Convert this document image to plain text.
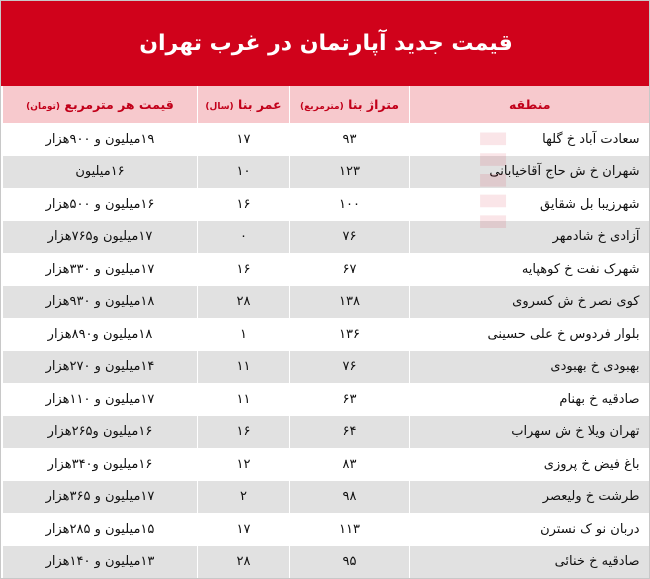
قیمت جدید آپارتمان در غرب تهران
منطقه	متراژ بنا (مترمربع)	عمر بنا (سال)	قیمت هر مترمربع (تومان)
سعادت آباد خ گلها	۹۳	۱۷	۱۹میلیون و ۹۰۰هزار
شهران خ ش حاج آقاخیابانی	۱۲۳	۱۰	۱۶میلیون
شهرزیبا بل شقایق	۱۰۰	۱۶	۱۶میلیون و ۵۰۰هزار
آزادی خ شادمهر	۷۶	۰	۱۷میلیون و۷۶۵هزار
شهرک نفت خ کوهپایه	۶۷	۱۶	۱۷میلیون و ۳۳۰هزار
کوی نصر خ ش کسروی	۱۳۸	۲۸	۱۸میلیون و ۹۳۰هزار
بلوار فردوس خ علی حسینی	۱۳۶	۱	۱۸میلیون و۸۹۰هزار
بهبودی خ بهبودی	۷۶	۱۱	۱۴میلیون و ۲۷۰هزار
صادقیه خ بهنام	۶۳	۱۱	۱۷میلیون و ۱۱۰هزار
تهران ویلا خ ش سهراب	۶۴	۱۶	۱۶میلیون و۲۶۵هزار
باغ فیض خ پروزی	۸۳	۱۲	۱۶میلیون و۳۴۰هزار
طرشت خ ولیعصر	۹۸	۲	۱۷میلیون و ۳۶۵هزار
دربان نو ک نسترن	۱۱۳	۱۷	۱۵میلیون و ۲۸۵هزار
صادقیه خ خنائی	۹۵	۲۸	۱۳میلیون و ۱۴۰هزار
